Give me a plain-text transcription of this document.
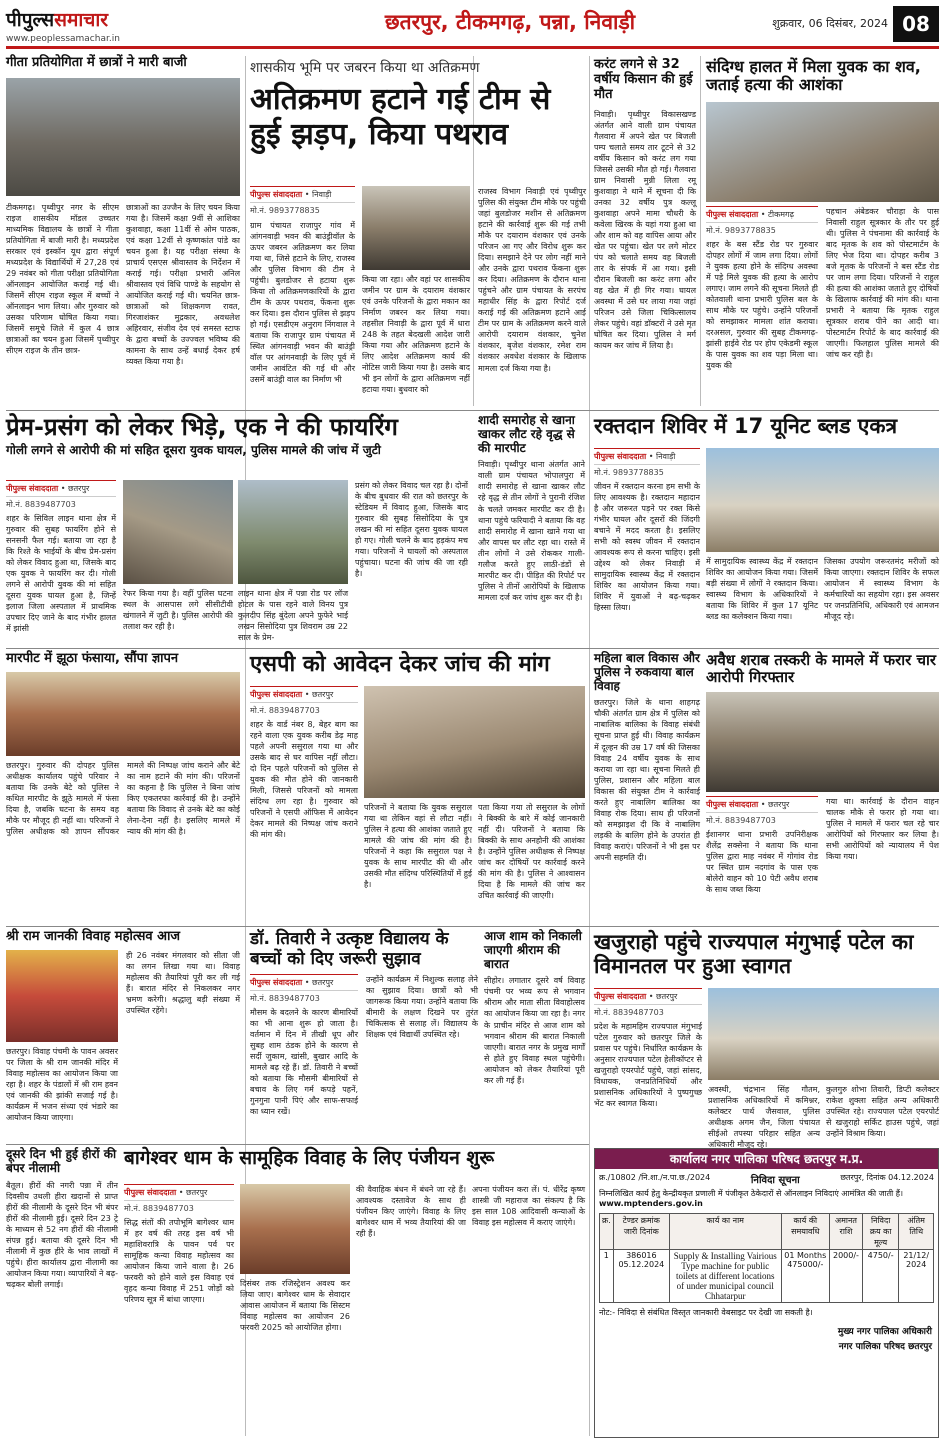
पीपुल्ससमाचार
www.peoplessamachar.in
छतरपुर, टीकमगढ़, पन्ना, निवाड़ी	शुक्रवार, 06 दिसंबर, 2024 08
गीता प्रतियोगिता में छात्रों ने मारी बाजी
टीकमगढ़। पृथ्वीपुर नगर के सीएम राइज शासकीय मॉडल उच्चतर माध्यमिक विद्यालय के छात्रों ने गीता प्रतियोगिता में बाजी मारी है। मध्यप्रदेश सरकार एवं इस्कॉन यूथ द्वारा संपूर्ण मध्यप्रदेश के विद्यार्थियों में 27,28 एवं 29 नवंबर को गीता परीक्षा प्रतियोगिता ऑनलाइन आयोजित कराई गई थी। जिसमें सीएम राइज स्कूल में बच्चों ने ऑनलाइन भाग लिया। और गुरुवार को उसका परिणाम घोषित किया गया। जिसमें समूचे जिले में कुल 4 छात्र छात्राओं का चयन हुआ जिसमें पृथ्वीपुर सीएम राइज के तीन छात्र-
छात्राओं का उज्जैन के लिए चयन किया गया है। जिसमें कक्षा 9वीं से आशिका कुशवाहा, कक्षा 11वीं से ओम पाठक, एवं कक्षा 12वीं से कृष्णकांत पांडे का चयन हुआ है। यह परीक्षा संस्था के प्राचार्य एसएस श्रीवास्तव के निर्देशन में कराई गई। परीक्षा प्रभारी अनिल श्रीवास्तव एवं विधि पाण्डे के सहयोग से आयोजित कराई गई थी। चयनित छात्र-छात्राओं को शिक्षकगण रावत, गिरजाशंकर मुद्रकार, अवधलेश अहिरवार, संजीव देव एवं समस्त स्टाफ के द्वारा बच्चों के उज्ज्वल भविष्य की कामना के साथ उन्हें बधाई देकर हर्ष व्यक्त किया गया है।
शासकीय भूमि पर जबरन किया था अतिक्रमण
अतिक्रमण हटाने गई टीम से हुई झड़प, किया पथराव
पीपुल्स संवाददाता • निवाड़ी
मो.नं. 9893778835
ग्राम पंचायत राजापुर गांव में आंगनवाड़ी भवन की बाउंड्रीवॉल के ऊपर जबरन अतिक्रमण कर लिया गया था, जिसे हटाने के लिए, राजस्व और पुलिस विभाग की टीम ने पहुंची। बुलडोजर से हटाया शुरू किया तो अतिक्रमणकारियों के द्वारा टीम के ऊपर पथराव, फेंकना शुरू कर दिया। इस दौरान पुलिस से झड़प हो गई। एसडीएम अनुराग निंगवाल ने बताया कि राजापुर ग्राम पंचायत में स्थित आंगनवाड़ी भवन की बाउंड्री वॉल पर आंगनवाड़ी के लिए पूर्व में जमीन आवंटित की गई थी और उसमें बाउंड्री वाल का निर्माण भी
किया जा रहा। और वहां पर शासकीय जमीन पर ग्राम के दयाराम वंशकार एवं उनके परिजनों के द्वारा मकान का निर्माण जबरन कर लिया गया। तहसील निवाड़ी के द्वारा पूर्व में धारा 248 के तहत बेदखली आदेश जारी किया गया और अतिक्रमण हटाने के लिए आदेश अतिक्रमण कार्य की नोटिस जारी किया गया है। उसके बाद भी इन लोगों के द्वारा अतिक्रमण नहीं हटाया गया। बुधवार को
राजस्व विभाग निवाड़ी एवं पृथ्वीपुर पुलिस की संयुक्त टीम मौके पर पहुंची जहां बुलडोजर मशीन से अतिक्रमण हटाने की कार्रवाई शुरू की गई तभी मौके पर दयाराम वंशकार एवं उनके परिजन आ गए और विरोध शुरू कर दिया। समझाने देने पर लोग नहीं माने और उनके द्वारा पथराव फेंकना शुरू कर दिया। अतिक्रमण के दौरान थाना पहुंचने और ग्राम पंचायत के सरपंच महाधीर सिंह के द्वारा रिपोर्ट दर्ज कराई गई की अतिक्रमण हटाने आई टीम पर ग्राम के अतिक्रमण करने वाले आरोपी दयाराम वंशकार, चुनेश वंशकार, बृजेश वंशकार, रमेश राम वंशकार अवधेश वंशकार के खिलाफ मामला दर्ज किया गया है।
करंट लगने से 32 वर्षीय किसान की हुई मौत
निवाड़ी। पृथ्वीपुर विकासखण्ड अंतर्गत आने वाली ग्राम पंचायत गैलवारा में अपने खेत पर बिजली पम्प चलाते समय तार टूटने से 32 वर्षीय किसान को करंट लग गया जिससे उसकी मौत हो गई। गैलवारा ग्राम निवासी मुन्नी लिला रमू कुशवाहा ने थाने में सूचना दी कि उनका 32 वर्षीय पुत्र कल्लू कुशवाहा अपने मामा चौधरी के कवेला खिरक के यहां गया हुआ था और शाम को वह वापिस आया और खेत पर पहुंचा। खेत पर लगे मोटर पंप को चलाते समय वह बिजली तार के संपर्क में आ गया। इसी दौरान बिजली का करंट लगा और वह खेत में ही गिर गया। घायल अवस्था में उसे घर लाया गया जहां परिजन उसे जिला चिकित्सालय लेकर पहुंचे। वहां डॉक्टरों ने उसे मृत घोषित कर दिया। पुलिस ने मर्ग कायम कर जांच में लिया है।
संदिग्ध हालत में मिला युवक का शव, जताई हत्या की आशंका
पीपुल्स संवाददाता • टीकमगढ़
मो.नं. 9893778835
शहर के बस स्टैंड रोड पर गुरुवार दोपहर लोगों में जाम लगा दिया। लोगों ने युवक हत्या होने के संदिग्ध अवस्था में पड़े मिले युवक की हत्या के आरोप लगाए। जाम लगने की सूचना मिलते ही कोतवाली थाना प्रभारी पुलिस बल के साथ मौके पर पहुंचे। उन्होंने परिजनों को समझाकर मामला शांत कराया। दरअसल, गुरुवार की सुबह टीकमगढ़-झांसी हाईवे रोड पर होप एकेडमी स्कूल के पास युवक का शव पड़ा मिला था। युवक की
पहचान अंबेडकर चौराहा के पास निवासी राहुल सूत्रकार के तौर पर हुई थी। पुलिस ने पंचनामा की कार्रवाई के बाद मृतक के शव को पोस्टमार्टम के लिए भेज दिया था। दोपहर करीब 3 बजे मृतक के परिजनों ने बस स्टैंड रोड पर जाम लगा दिया। परिजनों ने राहुल की हत्या की आशंका जताते हुए दोषियों के खिलाफ कार्रवाई की मांग की। थाना प्रभारी ने बताया कि मृतक राहुल सूत्रकार शराब पीने का आदी था। पोस्टमार्टम रिपोर्ट के बाद कार्रवाई की जाएगी। फिलहाल पुलिस मामले की जांच कर रही है।
प्रेम-प्रसंग को लेकर भिड़े, एक ने की फायरिंग
गोली लगने से आरोपी की मां सहित दूसरा युवक घायल, पुलिस मामले की जांच में जुटी
पीपुल्स संवाददाता • छतरपुर
मो.नं. 8839487703
शहर के सिविल लाइन थाना क्षेत्र में गुरुवार की सुबह फायरिंग होने से सनसनी फैल गई। बताया जा रहा है कि रिश्ते के भाईयों के बीच प्रेम-प्रसंग को लेकर विवाद हुआ था, जिसके बाद एक युवक ने फायरिंग कर दी। गोली लगने से आरोपी युवक की मां सहित दूसरा युवक घायल हुआ है, जिन्हें इलाज जिला अस्पताल में प्राथमिक उपचार दिए जाने के बाद गंभीर हालत में झांसी
रेफर किया गया है। वहीं पुलिस घटना स्थल के आसपास लगे सीसीटीवी खंगालने में जुटी है। पुलिस आरोपी की तलाश कर रही है।
लाइन थाना क्षेत्र में पन्ना रोड पर लॉज होटल के पास रहने वाले विनय पुत्र कुलदीप सिंह बुंदेला अपने फुफेरे भाई लखन सिसोदिया पुत्र शिवराम उम्र 22 साल के प्रेम-
प्रसंग को लेकर विवाद चल रहा है। दोनों के बीच बुधवार की रात को छतरपुर के स्टेडियम में विवाद हुआ, जिसके बाद गुरुवार की सुबह सिसोदिया के पुत्र लखन की मां सहित दूसरा युवक घायल हो गए। गोली चलने के बाद हड़कंप मच गया। परिजनों ने घायलों को अस्पताल पहुंचाया। घटना की जांच की जा रही है।
शादी समारोह से खाना खाकर लौट रहे वृद्ध से की मारपीट
निवाड़ी। पृथ्वीपुर थाना अंतर्गत आने वाली ग्राम पंचायत भोपालपुरा में शादी समारोह से खाना खाकर लौट रहे वृद्ध से तीन लोगों ने पुरानी रंजिश के चलते जमकर मारपीट कर दी है। थाना पहुंचे फरियादी ने बताया कि वह शादी समारोह में खाना खाने गया था और वापस घर लौट रहा था। रास्ते में तीन लोगों ने उसे रोककर गाली-गलौज करते हुए लाठी-डंडों से मारपीट कर दी। पीड़ित की रिपोर्ट पर पुलिस ने तीनों आरोपियों के खिलाफ मामला दर्ज कर जांच शुरू कर दी है।
रक्तदान शिविर में 17 यूनिट ब्लड एकत्र
पीपुल्स संवाददाता • निवाड़ी
मो.नं. 9893778835
जीवन में रक्तदान करना हम सभी के लिए आवश्यक है। रक्तदान महादान है और जरूरत पड़ने पर रक्त किसे गंभीर घायल और दूसरों की जिंदगी बचाने में मदद करता है। इसलिए सभी को स्वस्थ जीवन में रक्तदान आवश्यक रूप से करना चाहिए। इसी उद्देश्य को लेकर निवाड़ी में सामुदायिक स्वास्थ्य केंद्र में रक्तदान शिविर का आयोजन किया गया। शिविर में युवाओं ने बढ़-चढ़कर हिस्सा लिया।
में सामुदायिक स्वास्थ्य केंद्र में रक्तदान शिविर का आयोजन किया गया। जिसमें बड़ी संख्या में लोगों ने रक्तदान किया। स्वास्थ्य विभाग के अधिकारियों ने बताया कि शिविर में कुल 17 यूनिट ब्लड का कलेक्शन किया गया।
जिसका उपयोग जरूरतमंद मरीजों को किया जाएगा। रक्तदान शिविर के सफल आयोजन में स्वास्थ्य विभाग के कर्मचारियों का सहयोग रहा। इस अवसर पर जनप्रतिनिधि, अधिकारी एवं आमजन मौजूद रहे।
मारपीट में झूठा फंसाया, सौंपा ज्ञापन
छतरपुर। गुरुवार की दोपहर पुलिस अधीक्षक कार्यालय पहुंचे परिवार ने बताया कि उनके बेटे को पुलिस ने कथित मारपीट के झूठे मामले में फंसा दिया है, जबकि घटना के समय वह मौके पर मौजूद ही नहीं था। परिजनों ने पुलिस अधीक्षक को ज्ञापन सौंपकर मामले की निष्पक्ष जांच कराने और बेटे का नाम हटाने की मांग की। परिजनों का कहना है कि पुलिस ने बिना जांच किए एकतरफा कार्रवाई की है। उन्होंने बताया कि विवाद से उनके बेटे का कोई लेना-देना नहीं है। इसलिए मामले में न्याय की मांग की है।
एसपी को आवेदन देकर जांच की मांग
पीपुल्स संवाददाता • छतरपुर
मो.नं. 8839487703
शहर के वार्ड नंबर 8, बेहर बाग का रहने वाला एक युवक करीब डेढ़ माह पहले अपनी ससुराल गया था और उसके बाद से घर वापिस नहीं लौटा। दो दिन पहले परिजनों को पुलिस से युवक की मौत होने की जानकारी मिली, जिससे परिजनों को मामला संदिग्ध लग रहा है। गुरुवार को परिजनों ने एसपी ऑफिस में आवेदन देकर मामले की निष्पक्ष जांच कराने की मांग की।
परिजनों ने बताया कि युवक ससुराल गया था लेकिन वहां से लौटा नहीं। पुलिस ने हत्या की आशंका जताते हुए मामले की जांच की मांग की है। परिजनों ने कहा कि ससुराल पक्ष ने युवक के साथ मारपीट की थी और उसकी मौत संदिग्ध परिस्थितियों में हुई है।
पता किया गया तो ससुराल के लोगों ने बिक्की के बारे में कोई जानकारी नहीं दी। परिजनों ने बताया कि बिक्की के साथ अनहोनी की आशंका है। उन्होंने पुलिस अधीक्षक से निष्पक्ष जांच कर दोषियों पर कार्रवाई करने की मांग की है। पुलिस ने आश्वासन दिया है कि मामले की जांच कर उचित कार्रवाई की जाएगी।
महिला बाल विकास और पुलिस ने रुकवाया बाल विवाह
छतरपुर। जिले के थाना शाहगढ़ चौकी अंतर्गत ग्राम क्षेत्र में पुलिस को नाबालिक बालिका के विवाह संबंधी सूचना प्राप्त हुई थी। विवाह कार्यक्रम में दूल्हन की उम्र 17 वर्ष की जिसका विवाह 24 वर्षीय युवक के साथ कराया जा रहा था। सूचना मिलते ही पुलिस, प्रशासन और महिला बाल विकास की संयुक्त टीम ने कार्रवाई करते हुए नाबालिग बालिका का विवाह रोक दिया। साथ ही परिजनों को समझाइश दी कि वे नाबालिग लड़की के बालिग होने के उपरांत ही विवाह कराएं। परिजनों ने भी इस पर अपनी सहमति दी।
अवैध शराब तस्करी के मामले में फरार चार आरोपी गिरफ्तार
पीपुल्स संवाददाता • छतरपुर
मो.नं. 8839487703
ईशानगर थाना प्रभारी उपनिरीक्षक शैलेंद्र सक्सेना ने बताया कि थाना पुलिस द्वारा माह नवंबर में गोगांव रोड पर स्थित ग्राम नदगांव के पास एक बोलेरो वाहन को 10 पेटी अवैध शराब के साथ जब्त किया
गया था। कार्रवाई के दौरान वाहन चालक मौके से फरार हो गया था। पुलिस ने मामले में फरार चल रहे चार आरोपियों को गिरफ्तार कर लिया है। सभी आरोपियों को न्यायालय में पेश किया गया।
श्री राम जानकी विवाह महोत्सव आज
छतरपुर। विवाह पंचमी के पावन अवसर पर जिला के श्री राम जानकी मंदिर में विवाह महोत्सव का आयोजन किया जा रहा है। शहर के पंडालों में श्री राम हवन एवं जानकी की झांकी सजाई गई है। कार्यक्रम में भजन संध्या एवं भंडारे का आयोजन किया जाएगा।
ही 26 नवंबर मंगलवार को सीता जी का लगन लिखा गया था। विवाह महोत्सव की तैयारियां पूरी कर ली गई हैं। बारात मंदिर से निकलकर नगर भ्रमण करेगी। श्रद्धालु बड़ी संख्या में उपस्थित रहेंगे।
डॉ. तिवारी ने उत्कृष्ट विद्यालय के बच्चों को दिए जरूरी सुझाव
पीपुल्स संवाददाता • छतरपुर
मो.नं. 8839487703
मौसम के बदलने के कारण बीमारियों का भी आना शुरू हो जाता है। वर्तमान में दिन में तीखी धूप और सुबह शाम ठंडक होने के कारण से सर्दी जुकाम, खांसी, बुखार आदि के मामले बढ़ रहे हैं। डॉ. तिवारी ने बच्चों को बताया कि मौसमी बीमारियों से बचाव के लिए गर्म कपड़े पहनें, गुनगुना पानी पिएं और साफ-सफाई का ध्यान रखें।
उन्होंने कार्यक्रम में निशुल्क सलाह लेने का सुझाव दिया। छात्रों को भी जागरूक किया गया। उन्होंने बताया कि बीमारी के लक्षण दिखने पर तुरंत चिकित्सक से सलाह लें। विद्यालय के शिक्षक एवं विद्यार्थी उपस्थित रहे।
आज शाम को निकाली जाएगी श्रीराम की बारात
सीहोर। लगातार दूसरे वर्ष विवाह पंचमी पर भव्य रूप से भगवान श्रीराम और माता सीता विवाहोत्सव का आयोजन किया जा रहा है। नगर के प्राचीन मंदिर से आज शाम को भगवान श्रीराम की बारात निकाली जाएगी। बारात नगर के प्रमुख मार्गों से होते हुए विवाह स्थल पहुंचेगी। आयोजन को लेकर तैयारियां पूरी कर ली गई हैं।
खजुराहो पहुंचे राज्यपाल मंगुभाई पटेल का विमानतल पर हुआ स्वागत
पीपुल्स संवाददाता • छतरपुर
मो.नं. 8839487703
प्रदेश के महामहिम राज्यपाल मंगुभाई पटेल गुरुवार को छतरपुर जिले के प्रवास पर पहुंचे। निर्धारित कार्यक्रम के अनुसार राज्यपाल पटेल हेलीकॉप्टर से खजुराहो एयरपोर्ट पहुंचे, जहां सांसद, विधायक, जनप्रतिनिधियों और प्रशासनिक अधिकारियों ने पुष्पगुच्छ भेंट कर स्वागत किया।
अवस्थी, चंद्रभान सिंह गौतम, प्रशासनिक अधिकारियों में कमिश्नर, कलेक्टर पार्थ जैसवाल, पुलिस अधीक्षक अगम जैन, जिला पंचायत सीईओ तपस्या परिहार सहित अन्य अधिकारी मौजूद रहे।
कुलगुरु शोभा तिवारी, डिप्टी कलेक्टर राकेश शुक्ला सहित अन्य अधिकारी उपस्थित रहे। राज्यपाल पटेल एयरपोर्ट से खजुराहो सर्किट हाउस पहुंचे, जहां उन्होंने विश्राम किया।
दूसरे दिन भी हुई हीरों की बंपर नीलामी
बैतूल। हीरों की नगरी पन्ना में तीन दिवसीय उथली हीरा खदानों से प्राप्त हीरों की नीलामी के दूसरे दिन भी बंपर हीरों की नीलामी हुई। दूसरे दिन 23 ट्रे के माध्यम से 52 नग हीरों की नीलामी संपन्न हुई। बताया की दूसरे दिन भी नीलामी में कुछ हीरे के भाव लाखों में पहुंचे। हीरा कार्यालय द्वारा नीलामी का आयोजन किया गया। व्यापारियों ने बढ़-चढ़कर बोली लगाई।
बागेश्वर धाम के सामूहिक विवाह के लिए पंजीयन शुरू
पीपुल्स संवाददाता • छतरपुर
मो.नं. 8839487703
सिद्ध संतों की तपोभूमि बागेश्वर धाम में हर वर्ष की तरह इस वर्ष भी महाशिवरात्रि के पावन पर्व पर सामूहिक कन्या विवाह महोत्सव का आयोजन किया जाने वाला है। 26 फरवरी को होने वाले इस विवाह एवं वृहद कन्या विवाह में 251 जोड़ों को परिणय सूत्र में बांधा जाएगा।
दिसंबर तक रजिस्ट्रेशन अवश्य कर लिया जाए। बागेश्वर धाम के सेवादार आवास आयोजन में बताया कि सिस्टम विवाह महोत्सव का आयोजन 26 फरवरी 2025 को आयोजित होगा।
की वैवाहिक बंधन में बंधने जा रहे हैं। आवश्यक दस्तावेज के साथ ही पंजीयन किए जाएंगे। विवाह के लिए बागेश्वर धाम में भव्य तैयारियां की जा रही हैं।
अपना पंजीयन करा लें। पं. धीरेंद्र कृष्ण शास्त्री जी महाराज का संकल्प है कि इस साल 108 आदिवासी कन्याओं के विवाह इस महोत्सव में कराए जाएंगे।
कार्यालय नगर पालिका परिषद छतरपुर म.प्र.
क्र./10802 /नि.शा./न.पा.छ./2024	निविदा सूचना	छतरपुर, दिनांक 04.12.2024
निम्नलिखित कार्य हेतु केन्द्रीयकृत प्रणाली में पंजीकृत ठेकेदारों से ऑनलाइन निविदाएं आमंत्रित की जाती हैं। www.mptenders.gov.in
क्र.	टेण्डर क्रमांक जारी दिनांक	कार्य का नाम	कार्य की समयावधि	अमानत राशि	निविदा क्रय का मूल्य	अंतिम तिथि
1	386016 05.12.2024	Supply & Installing Vairious Type machine for public toilets at different locations of under municipal council Chhatarpur	01 Months 475000/-	2000/-	4750/-	21/12/ 2024
नोट:- निविदा से संबंधित विस्तृत जानकारी वेबसाइट पर देखी जा सकती है।
मुख्य नगर पालिका अधिकारी
नगर पालिका परिषद छतरपुर
